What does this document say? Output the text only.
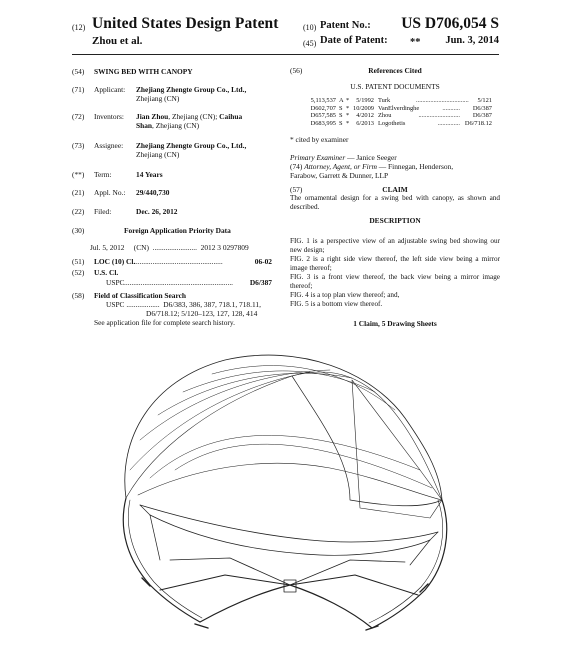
(12) United States Design Patent	(10) Patent No.:	US D706,054 S
Zhou et al.	(45) Date of Patent: **	Jun. 3, 2014
(54) SWING BED WITH CANOPY
(71) Applicant: Zhejiang Zhengte Group Co., Ltd.,
Zhejiang (CN)
(72) Inventors: Jian Zhou, Zhejiang (CN); Caihua
Shan, Zhejiang (CN)
(73) Assignee: Zhejiang Zhengte Group Co., Ltd.,
Zhejiang (CN)
(**) Term:	14 Years
(21) Appl. No.: 29/440,730
(22) Filed:	Dec. 26, 2012
(30)	Foreign Application Priority Data
Jul. 5, 2012     (CN)  ........................  2012 3 0297809
(51) LOC (10) Cl.
................................................	06-02
(52) U.S. Cl.
USPC ...........................................................	D6/387
(58) Field of Classification Search
USPC ..................  D6/383, 386, 387, 718.1, 718.11,
D6/718.12; 5/120–123, 127, 128, 414
See application file for complete search history.
(56)	References Cited
U.S. PATENT DOCUMENTS
5,113,537 A *	5/1992 Turk	5/121
.................................
D602,707 S * 10/2009 VanElverdinghe	D6/387
...........
D657,585 S *	4/2012 Zhou	D6/387
..........................
D683,995 S *	6/2013 Logothetis	D6/718.12
..............
* cited by examiner
Primary Examiner — Janice Seeger
(74) Attorney, Agent, or Firm — Finnegan, Henderson,
Farabow, Garrett & Dunner, LLP
(57)	CLAIM
The ornamental design for a swing bed with canopy, as shown and described.
DESCRIPTION
FIG. 1 is a perspective view of an adjustable swing bed showing our new design;
FIG. 2 is a right side view thereof, the left side view being a mirror image thereof;
FIG. 3 is a front view thereof, the back view being a mirror image thereof;
FIG. 4 is a top plan view thereof; and,
FIG. 5 is a bottom view thereof.
1 Claim, 5 Drawing Sheets
